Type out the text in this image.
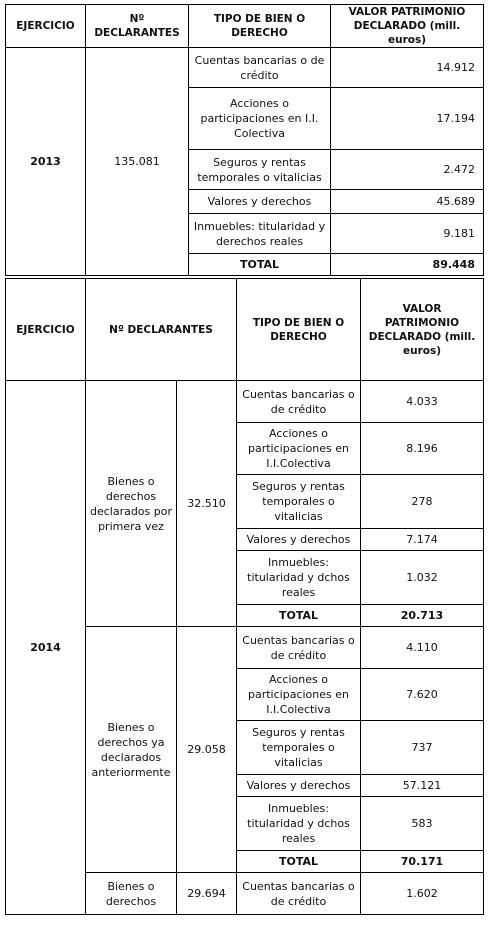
EJERCICIO	Nº DECLARANTES	TIPO DE BIEN O DERECHO	VALOR PATRIMONIO DECLARADO (mill. euros)
2013	135.081	Cuentas bancarias o de crédito	14.912
		Acciones o participaciones en I.I. Colectiva	17.194
		Seguros y rentas temporales o vitalicias	2.472
		Valores y derechos	45.689
		Inmuebles: titularidad y derechos reales	9.181
		TOTAL	89.448
EJERCICIO	Nº DECLARANTES		TIPO DE BIEN O DERECHO	VALOR PATRIMONIO DECLARADO (mill. euros)
2014	Bienes o derechos declarados por primera vez	32.510	Cuentas bancarias o de crédito	4.033
			Acciones o participaciones en I.I.Colectiva	8.196
			Seguros y rentas temporales o vitalicias	278
			Valores y derechos	7.174
			Inmuebles: titularidad y dchos reales	1.032
			TOTAL	20.713
	Bienes o derechos ya declarados anteriormente	29.058	Cuentas bancarias o de crédito	4.110
			Acciones o participaciones en I.I.Colectiva	7.620
			Seguros y rentas temporales o vitalicias	737
			Valores y derechos	57.121
			Inmuebles: titularidad y dchos reales	583
			TOTAL	70.171
	Bienes o derechos	29.694	Cuentas bancarias o de crédito	1.602
